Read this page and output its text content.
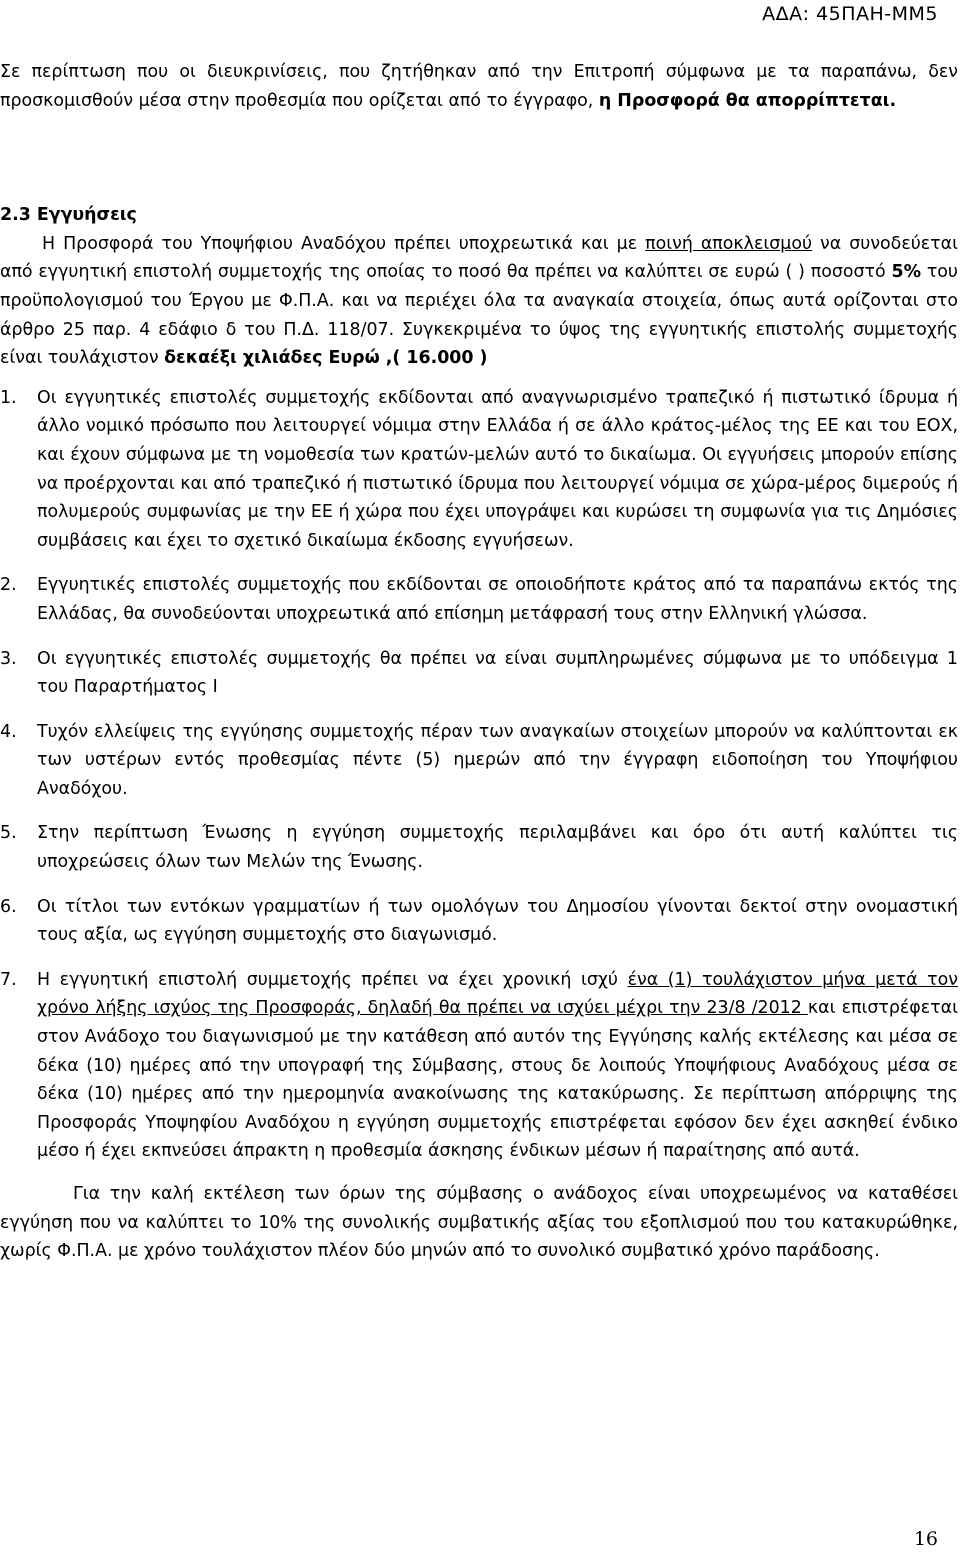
ΑΔΑ: 45ΠΑΗ-ΜΜ5

Σε περίπτωση που οι διευκρινίσεις, που ζητήθηκαν από την Επιτροπή σύμφωνα με τα παραπάνω, δεν προσκομισθούν μέσα στην προθεσμία που ορίζεται από το έγγραφο, η Προσφορά θα απορρίπτεται.

2.3 Εγγυήσεις

Η Προσφορά του Υποψήφιου Αναδόχου πρέπει υποχρεωτικά και με ποινή αποκλεισμού να συνοδεύεται από εγγυητική επιστολή συμμετοχής της οποίας το ποσό θα πρέπει να καλύπτει σε ευρώ ( ) ποσοστό 5% του προϋπολογισμού του Έργου με Φ.Π.Α. και να περιέχει όλα τα αναγκαία στοιχεία, όπως αυτά ορίζονται στο άρθρο 25 παρ. 4 εδάφιο δ του Π.Δ. 118/07. Συγκεκριμένα το ύψος της εγγυητικής επιστολής συμμετοχής είναι τουλάχιστον δεκαέξι χιλιάδες Ευρώ ,( 16.000 )

1. Οι εγγυητικές επιστολές συμμετοχής εκδίδονται από αναγνωρισμένο τραπεζικό ή πιστωτικό ίδρυμα ή άλλο νομικό πρόσωπο που λειτουργεί νόμιμα στην Ελλάδα ή σε άλλο κράτος-μέλος της ΕΕ και του ΕΟΧ, και έχουν σύμφωνα με τη νομοθεσία των κρατών-μελών αυτό το δικαίωμα. Οι εγγυήσεις μπορούν επίσης να προέρχονται και από τραπεζικό ή πιστωτικό ίδρυμα που λειτουργεί νόμιμα σε χώρα-μέρος διμερούς ή πολυμερούς συμφωνίας με την ΕΕ ή χώρα που έχει υπογράψει και κυρώσει τη συμφωνία για τις Δημόσιες συμβάσεις και έχει το σχετικό δικαίωμα έκδοσης εγγυήσεων.
2. Εγγυητικές επιστολές συμμετοχής που εκδίδονται σε οποιοδήποτε κράτος από τα παραπάνω εκτός της Ελλάδας, θα συνοδεύονται υποχρεωτικά από επίσημη μετάφρασή τους στην Ελληνική γλώσσα.
3. Οι εγγυητικές επιστολές συμμετοχής θα πρέπει να είναι συμπληρωμένες σύμφωνα με το υπόδειγμα 1 του Παραρτήματος Ι
4. Τυχόν ελλείψεις της εγγύησης συμμετοχής πέραν των αναγκαίων στοιχείων μπορούν να καλύπτονται εκ των υστέρων εντός προθεσμίας πέντε (5) ημερών από την έγγραφη ειδοποίηση του Υποψήφιου Αναδόχου.
5. Στην περίπτωση Ένωσης η εγγύηση συμμετοχής περιλαμβάνει και όρο ότι αυτή καλύπτει τις υποχρεώσεις όλων των Μελών της Ένωσης.
6. Οι τίτλοι των εντόκων γραμματίων ή των ομολόγων του Δημοσίου γίνονται δεκτοί στην ονομαστική τους αξία, ως εγγύηση συμμετοχής στο διαγωνισμό.
7. Η εγγυητική επιστολή συμμετοχής πρέπει να έχει χρονική ισχύ ένα (1) τουλάχιστον μήνα μετά τον χρόνο λήξης ισχύος της Προσφοράς, δηλαδή θα πρέπει να ισχύει μέχρι την 23/8 /2012 και επιστρέφεται στον Ανάδοχο του διαγωνισμού με την κατάθεση από αυτόν της Εγγύησης καλής εκτέλεσης και μέσα σε δέκα (10) ημέρες από την υπογραφή της Σύμβασης, στους δε λοιπούς Υποψήφιους Αναδόχους μέσα σε δέκα (10) ημέρες από την ημερομηνία ανακοίνωσης της κατακύρωσης. Σε περίπτωση απόρριψης της Προσφοράς Υποψηφίου Αναδόχου η εγγύηση συμμετοχής επιστρέφεται εφόσον δεν έχει ασκηθεί ένδικο μέσο ή έχει εκπνεύσει άπρακτη η προθεσμία άσκησης ένδικων μέσων ή παραίτησης από αυτά.

Για την καλή εκτέλεση των όρων της σύμβασης ο ανάδοχος είναι υποχρεωμένος να καταθέσει εγγύηση που να καλύπτει το 10% της συνολικής συμβατικής αξίας του εξοπλισμού που του κατακυρώθηκε, χωρίς Φ.Π.Α. με χρόνο τουλάχιστον πλέον δύο μηνών από το συνολικό συμβατικό χρόνο παράδοσης.

16
